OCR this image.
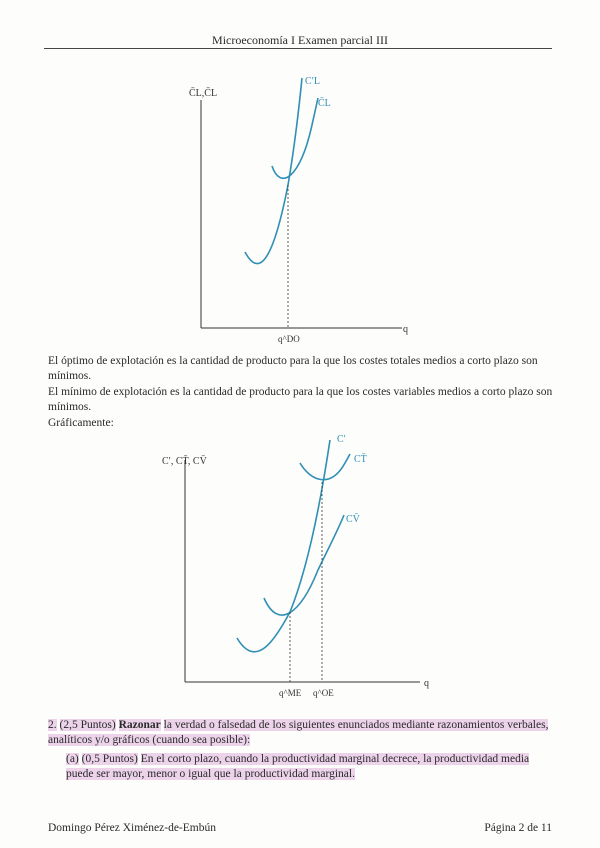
Microeconomía I Examen parcial III
C̄L,C̄L
C′L
C̄L
q
q^DO
El óptimo de explotación es la cantidad de producto para la que los costes totales medios a corto plazo son mínimos.
El mínimo de explotación es la cantidad de producto para la que los costes variables medios a corto plazo son mínimos.
Gráficamente:
C′, CT̄, CV̄
C′
CT̄
CV̄
q
q^ME q^OE
2. (2,5 Puntos) Razonar la verdad o falsedad de los siguientes enunciados mediante razonamientos verbales, analíticos y/o gráficos (cuando sea posible):
(a) (0,5 Puntos) En el corto plazo, cuando la productividad marginal decrece, la productividad media puede ser mayor, menor o igual que la productividad marginal.
Domingo Pérez Ximénez-de-Embún	Página 2 de 11
